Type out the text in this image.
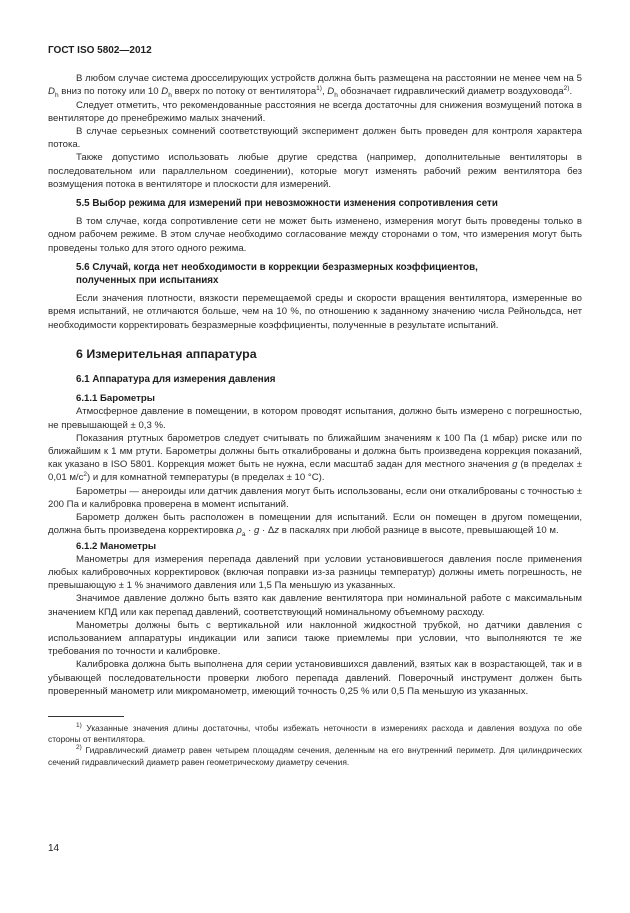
ГОСТ ISO 5802—2012

В любом случае система дросселирующих устройств должна быть размещена на расстоянии не менее чем на 5 $D_h$ вниз по потоку или 10 $D_h$ вверх по потоку от вентилятора$^{1)}$, $D_h$ обозначает гидравлический диаметр воздуховода$^{2)}$.

Следует отметить, что рекомендованные расстояния не всегда достаточны для снижения возмущений потока в вентиляторе до пренебрежимо малых значений.

В случае серьезных сомнений соответствующий эксперимент должен быть проведен для контроля характера потока.

Также допустимо использовать любые другие средства (например, дополнительные вентиляторы в последовательном или параллельном соединении), которые могут изменять рабочий режим вентилятора без возмущения потока в вентиляторе и плоскости для измерений.

5.5 Выбор режима для измерений при невозможности изменения сопротивления сети

В том случае, когда сопротивление сети не может быть изменено, измерения могут быть проведены только в одном рабочем режиме. В этом случае необходимо согласование между сторонами о том, что измерения могут быть проведены только для этого одного режима.

5.6 Случай, когда нет необходимости в коррекции безразмерных коэффициентов,
полученных при испытаниях

Если значения плотности, вязкости перемещаемой среды и скорости вращения вентилятора, измеренные во время испытаний, не отличаются больше, чем на 10 %, по отношению к заданному значению числа Рейнольдса, нет необходимости корректировать безразмерные коэффициенты, полученные в результате испытаний.

6 Измерительная аппаратура
6.1 Аппаратура для измерения давления
6.1.1 Барометры

Атмосферное давление в помещении, в котором проводят испытания, должно быть измерено с погрешностью, не превышающей ± 0,3 %.

Показания ртутных барометров следует считывать по ближайшим значениям к 100 Па (1 мбар) риске или по ближайшим к 1 мм ртути. Барометры должны быть откалиброваны и должна быть произведена коррекция показаний, как указано в ISO 5801. Коррекция может быть не нужна, если масштаб задан для местного значения g (в пределах ± 0,01 $м/с^2$) и для комнатной температуры (в пределах ± 10 °С).

Барометры — анероиды или датчик давления могут быть использованы, если они откалиброваны с точностью ± 200 Па и калибровка проверена в момент испытаний.

Барометр должен быть расположен в помещении для испытаний. Если он помещен в другом помещении, должна быть произведена корректировка $\rho_a \cdot g \cdot \Delta z$ в паскалях при любой разнице в высоте, превышающей 10 м.

6.1.2 Манометры

Манометры для измерения перепада давлений при условии установившегося давления после применения любых калибровочных корректировок (включая поправки из-за разницы температур) должны иметь погрешность, не превышающую ± 1 % значимого давления или 1,5 Па меньшую из указанных.

Значимое давление должно быть взято как давление вентилятора при номинальной работе с максимальным значением КПД или как перепад давлений, соответствующий номинальному объемному расходу.

Манометры должны быть с вертикальной или наклонной жидкостной трубкой, но датчики давления с использованием аппаратуры индикации или записи также приемлемы при условии, что выполняются те же требования по точности и калибровке.

Калибровка должна быть выполнена для серии установившихся давлений, взятых как в возрастающей, так и в убывающей последовательности проверки любого перепада давлений. Поверочный инструмент должен быть проверенный манометр или микроманометр, имеющий точность 0,25 % или 0,5 Па меньшую из указанных.

$^{1)}$ Указанные значения длины достаточны, чтобы избежать неточности в измерениях расхода и давления воздуха по обе стороны от вентилятора.

$^{2)}$ Гидравлический диаметр равен четырем площадям сечения, деленным на его внутренний периметр. Для цилиндрических сечений гидравлический диаметр равен геометрическому диаметру сечения.

14
